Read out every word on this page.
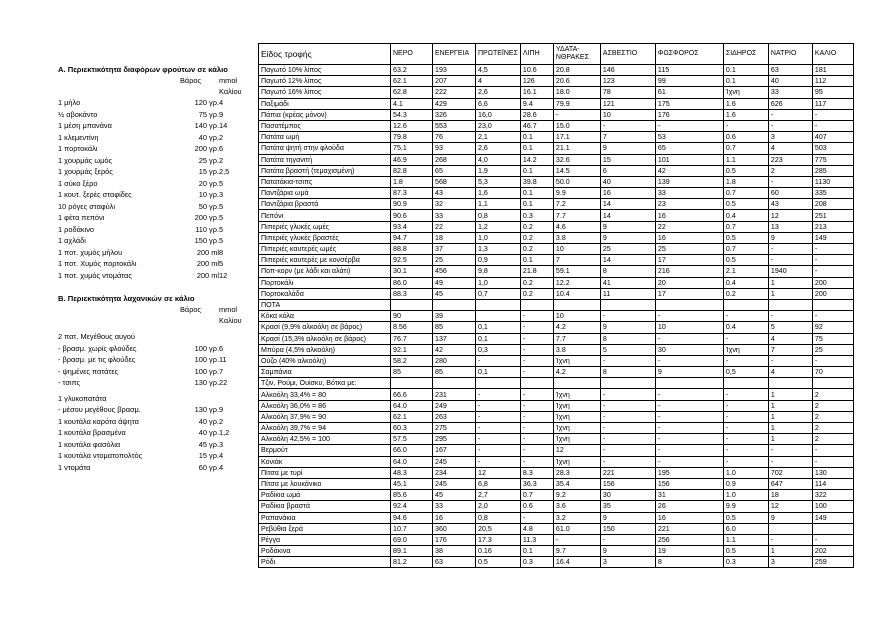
Α. Περιεκτικότητα διαφόρων φρούτων σε κάλιο

Βάρος mmol
Καλίου
1 μήλο	120 γρ. 4
½ αβοκάντο	75 γρ. 9
1 μέση μπανάνα	140 γρ. 14
1 κλεμεντίνη	40 γρ. 2
1 πορτοκάλι	200 γρ. 6
1 χουρμάς ωμός	25 γρ. 2
1 χουρμάς ξερός	15 γρ. 2,5
1 σύκο ξέρο	20 γρ. 5
1 κουτ. ξερές σταφίδες	10 γρ. 3
10 ρόγες σταφύλι	50 γρ. 5
1 φέτα πεπόνι	200 γρ. 5
1 ροδάκινο	110 γρ. 5
1 αχλάδι	150 γρ. 5
1 ποτ. χυμός μήλου	200 ml 8
1 ποτ. Χυμός πορτοκάλι	200 ml 5
1 ποτ. χυμός ντομάτας	200 ml 12

Β. Περιεκτικότητα λαχανικών σε κάλιο

Βάρος mmol
Καλίου
2 πατ. Μεγέθους αυγού
- βρασμ. χωρίς φλούδες	100 γρ. 6
- βρασμ. με τις φλούδες	100 γρ. 11
- ψημένες πατάτες	100 γρ. 7
- τσιπς	130 γρ. 22
1 γλυκοπατάτα
- μέσου μεγέθους βρασμ.	130 γρ. 9
1 κουτάλα καρότα άψητα	40 γρ. 2
1 κουτάλα βρασμένα	40 γρ. 1,2
1 κουτάλα φασόλια	45 γρ. 3
1 κουτάλα ντοματοπολτός	15 γρ. 4
1 ντομάτα	60 γρ. 4
Είδος τροφής	ΝΕΡΟ	ΕΝΕΡΓΕΙΑ	ΠΡΩΤΕΪΝΕΣ	ΛΙΠΗ	ΥΔΑΤΑ-ΝΘΡΑΚΕΣ	ΑΣΒΕΣΤΙΟ	ΦΩΣΦΟΡΟΣ	ΣΙΔΗΡΟΣ	ΝΑΤΡΙΟ	ΚΑΛΙΟ
Παγωτό 10% λίπος	63.2	193	4,5	10.6	20.8	146	115	0.1	63	181
Παγωτό 12% λίπος	62.1	207	4	126	20.6	123	99	0.1	40	112
Παγωτό 16% λίπος	62.8	222	2,6	16.1	18.0	78	61	Ίχνη	33	95
Παξιμάδι	4.1	429	6,6	9.4	79.9	121	175	1.6	626	117
Πάπια (κρέας μόνον)	54.3	326	16,0	28.6	-	10	176	1.6	-	-
Πασατέμπος	12.6	553	23,0	46.7	15.0	-	-	-	-	-
Πατάτα ωμή	79.8	76	2,1	0.1	17.1	7	53	0.6	3	407
Πατάτα ψητή στην φλούδα	75.1	93	2,6	0.1	21.1	9	65	0.7	4	503
Πατάτα τηγανιτή	46.9	268	4,0	14.2	32.6	15	101	1.1	223	775
Πατάτα βραστή (τεμαχισμένη)	82.8	65	1,9	0.1	14.5	6	42	0.5	2	285
Πατατάκια-τσιπς	1.8	568	5,3	39.8	50.0	40	139	1.8	-	1130
Παντζάρια ωμά	87.3	43	1,6	0.1	9.9	16	33	0.7	60	335
Παντζάρια βραστά	90.9	32	1,1	0.1	7.2	14	23	0.5	43	208
Πεπόνι	90.6	33	0,8	0.3	7.7	14	16	0.4	12	251
Πιπεριές γλυκές ωμές	93.4	22	1,2	0.2	4.6	9	22	0.7	13	213
Πιπεριές γλυκές βραστές	94.7	18	1,0	0.2	3.8	9	16	0.5	9	149
Πιπεριές καυτερές ωμές	88.8	37	1,3	0.2	10	25	25	0.7	-	-
Πιπεριές καυτερές με κονσέρβα	92.5	25	0,9	0.1	7	14	17	0.5	-	-
Ποπ-κορν (με λάδι και αλάτι)	30.1	456	9,8	21.8	59.1	8	216	2.1	1940	-
Πορτοκάλι	86.0	49	1,0	0.2	12.2	41	20	0.4	1	200
Πορτοκαλάδα	88.3	45	0,7	0.2	10.4	11	17	0.2	1	200
ΠΟΤΑ										
Κόκα κόλα	90	39		-	10	-	-	-	-	-
Κρασί (9,9% αλκοόλη σε βάρος)	8.56	85	0,1	-	4.2	9	10	0.4	5	92
Κρασί (15,3% αλκοόλη σε βάρος)	76.7	137	0,1	-	7.7	8	-	-	4	75
Μπύρα (4,5% αλκοόλη)	92.1	42	0,3	-	3.8	5	30	Ίχνη	7	25
Ούζο (40% αλκοόλη)	58.2	280	-	-	Ίχνη	-	-	-	-	-
Σαμπάνια	85	85	0,1	-	4.2	8	9	0,5	4	70
Τζιν, Ρούμι, Ουίσκυ, Βότκα με:										
Αλκοόλη 33,4% = 80	66.6	231	-	-	Ίχνη	-	-	-	1	2
Αλκοόλη 36,0% = 86	64.0	249	-	-	Ίχνη	-	-	-	1	2
Αλκοόλη 37,9% = 90	62.1	263	-	-	Ίχνη	-	-	-	1	2
Αλκοόλη 39,7% = 94	60.3	275	-	-	Ίχνη	-	-	-	1	2
Αλκοόλη 42,5% = 100	57.5	295	-	-	Ίχνη	-	-	-	1	2
Βερμούτ	66.0	167	-	-	12	-	-	-	-	-
Κονιάκ	64.0	245	-	-	Ίχνη	-	-	-	-	-
Πίτσα με τυρί	48.3	234	12	8.3	28.3	221	195	1.0	702	130
Πίτσα με λουκάνικο	45.1	245	6,8	36.3	35.4	156	156	0.9	647	114
Ραδίκια ωμά	85.6	45	2,7	0.7	9.2	30	31	1.0	18	322
Ραδίκια βραστά	92.4	33	2,0	0.6	3.6	35	26	9.9	12	100
Ραπανάκια	94.6	16	0,8	-	3.2	9	16	0.5	9	149
Ρεβύθια ξερά	10.7	360	20,5	4.8	61.0	150	221	6.0		
Ρέγγα	69.0	176	17.3	11.3	-	-	256	1.1	-	-
Ροδάκινα	89.1	38	0.16	0.1	9.7	9	19	0.5	1	202
Ρόδι	81.2	63	0.5	0.3	16.4	3	8	0.3	3	259
